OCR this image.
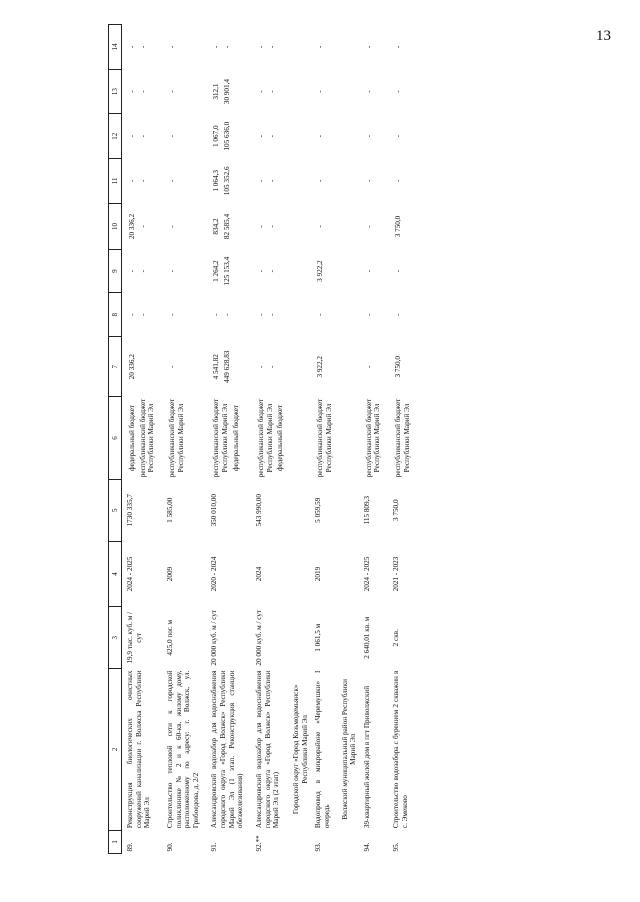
13
1	2	3	4	5	6	7	8	9	10	11	12	13	14
89.	Реконструкция биологических очистных сооружений канализации г. Волжска Республики Марий Эл	19,9 тыс. куб. м / сут	2024 - 2025	1730 335,7	федеральный бюджет республиканский бюджет Республики Марий Эл	20 336,2	- -	- -	20 336,2 -	- -	- -	- -	- -

90.	Строительство тепловой сети к городской поликлинике № 2 и к 60-кв. жилому дому, расположенному по адресу: г. Волжск, ул. Грибоедова, д. 2/2	425,0 пог. м	2009	1 585,00	республиканский бюджет Республики Марий Эл	-	-	-	-	-	-	-	-

91.	Александровский водозабор для водоснабжения городского округа «Город Волжск» Республики Марий Эл (1 этап. Реконструкция станции обезжелезивания)	20 000 куб. м / сут	2020 - 2024	350 010,00	республиканский бюджет Республики Марий Эл федеральный бюджет	4 541,82 449 628,83	- -	1 264,2 125 153,4	834,2 82 585,4	1 064,3 105 352,6	1 067,0 105 636,0	312,1 30 901,4	- -

92.**	Александровский водозабор для водоснабжения городского округа «Город Волжск» Республики Марий Эл (2 этап)	20 000 куб. м / сут	2024	543 990,00	республиканский бюджет Республики Марий Эл федеральный бюджет	- -	- -	- -	- -	- -	- -	- -	- -

	Городской округ «Город Козьмодемьянск» Республики Марий Эл												
93.	Водопровод в микрорайоне «Черемушки» I очередь	1 061,5 м	2019	5 059,59	республиканский бюджет Республики Марий Эл	3 922,2	-	3 922,2	-	-	-	-	-

	Волжский муниципальный район Республики Марий Эл												
94.	39-квартирный жилой дом в пгт Приволжский	2 640,01 кв. м	2024 - 2025	115 809,3	республиканский бюджет Республики Марий Эл	-	-	-	-	-	-	-	-

95.	Строительство водозабора с бурением 2 скважин в с. Эмеково	2 скв.	2021 - 2023	3 750,0	республиканский бюджет Республики Марий Эл	3 750,0	-	-	3 750,0	-	-	-	-
